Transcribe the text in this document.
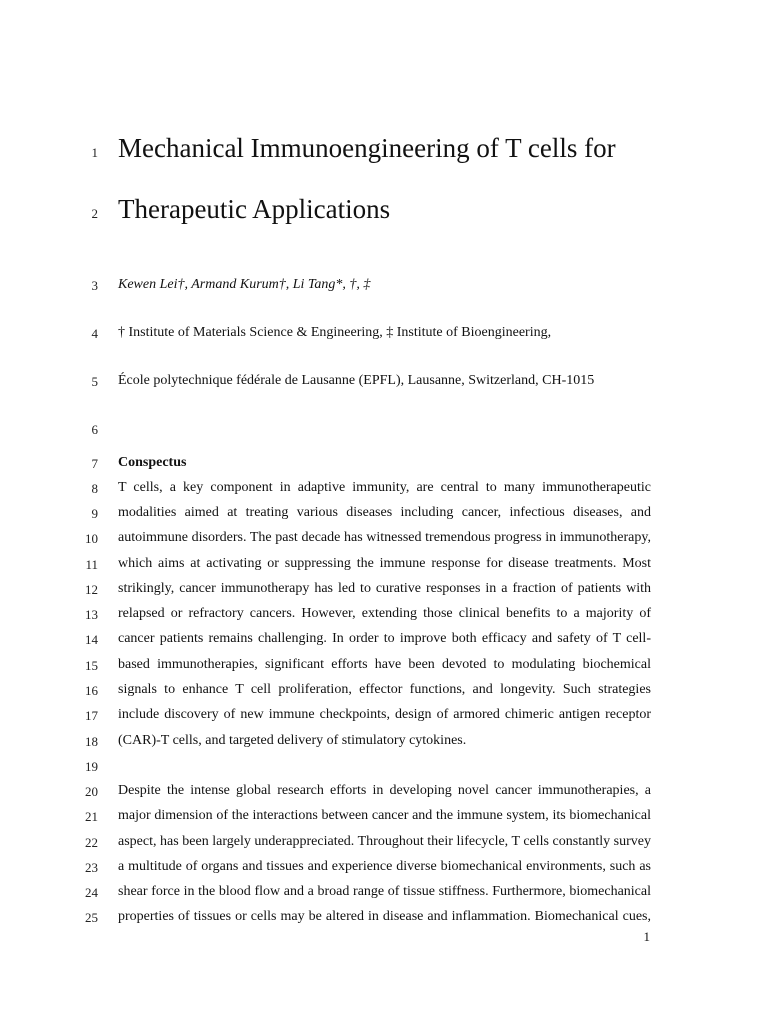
1 Mechanical Immunoengineering of T cells for
2 Therapeutic Applications
3 Kewen Lei†, Armand Kurum†, Li Tang*, †, ‡
4 † Institute of Materials Science & Engineering, ‡ Institute of Bioengineering,
5 École polytechnique fédérale de Lausanne (EPFL), Lausanne, Switzerland, CH-1015
6
7 Conspectus
8 T cells, a key component in adaptive immunity, are central to many immunotherapeutic
9 modalities aimed at treating various diseases including cancer, infectious diseases, and
10 autoimmune disorders. The past decade has witnessed tremendous progress in immunotherapy,
11 which aims at activating or suppressing the immune response for disease treatments. Most
12 strikingly, cancer immunotherapy has led to curative responses in a fraction of patients with
13 relapsed or refractory cancers. However, extending those clinical benefits to a majority of
14 cancer patients remains challenging. In order to improve both efficacy and safety of T cell-
15 based immunotherapies, significant efforts have been devoted to modulating biochemical
16 signals to enhance T cell proliferation, effector functions, and longevity. Such strategies
17 include discovery of new immune checkpoints, design of armored chimeric antigen receptor
18 (CAR)-T cells, and targeted delivery of stimulatory cytokines.
19
20 Despite the intense global research efforts in developing novel cancer immunotherapies, a
21 major dimension of the interactions between cancer and the immune system, its biomechanical
22 aspect, has been largely underappreciated. Throughout their lifecycle, T cells constantly survey
23 a multitude of organs and tissues and experience diverse biomechanical environments, such as
24 shear force in the blood flow and a broad range of tissue stiffness. Furthermore, biomechanical
25 properties of tissues or cells may be altered in disease and inflammation. Biomechanical cues,
1
